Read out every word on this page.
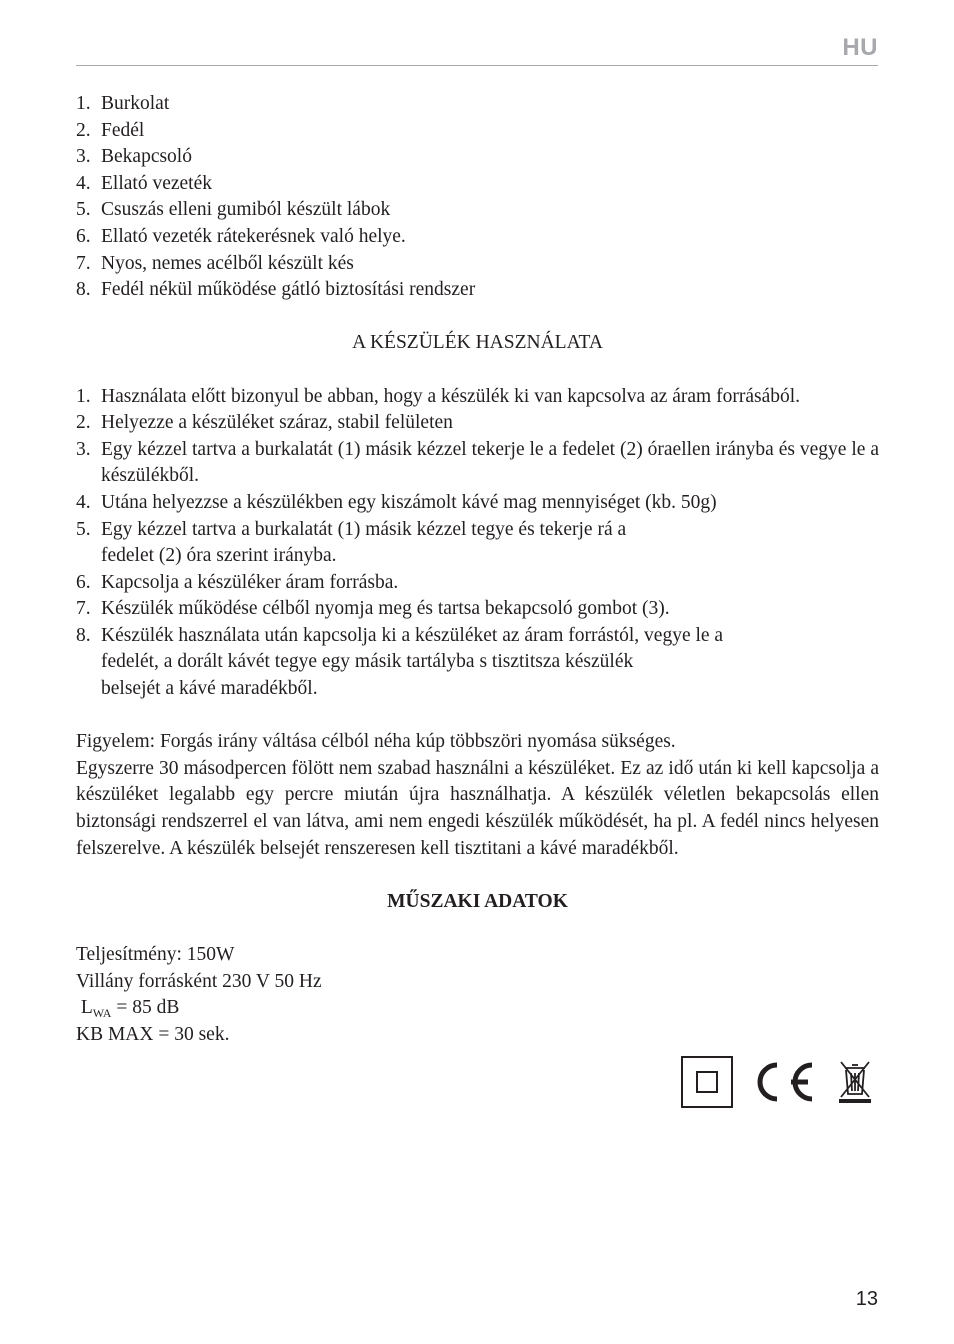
HU
1. Burkolat
2. Fedél
3. Bekapcsoló
4. Ellató vezeték
5. Csuszás elleni gumiból készült lábok
6. Ellató vezeték rátekerésnek való helye.
7. Nyos, nemes acélből készült kés
8. Fedél nékül működése gátló biztosítási rendszer
A KÉSZÜLÉK HASZNÁLATA
1. Használata előtt bizonyul be abban, hogy a készülék ki van kapcsolva az áram forrásából.
2. Helyezze a készüléket száraz, stabil felületen
3. Egy kézzel tartva a burkalatát (1) másik kézzel tekerje le a fedelet (2) óraellen irányba és vegye le a készülékből.
4. Utána helyezzse a készülékben egy kiszámolt kávé mag mennyiséget (kb. 50g)
5. Egy kézzel tartva a burkalatát (1) másik kézzel tegye és tekerje rá a
fedelet (2) óra szerint irányba.
6. Kapcsolja a készüléker áram forrásba.
7. Készülék működése célből nyomja meg és tartsa bekapcsoló gombot (3).
8. Készülék használata után kapcsolja ki a készüléket az áram forrástól, vegye le a
fedelét, a dorált kávét tegye egy másik tartályba s tisztitsza készülék
belsejét a kávé maradékből.
Figyelem: Forgás irány váltása célból néha kúp többszöri nyomása sükséges.
Egyszerre 30 másodpercen fölött nem szabad használni a készüléket. Ez az idő után ki kell kapcsolja a készüléket legalabb egy percre miután újra használhatja. A készülék véletlen bekapcsolás ellen biztonsági rendszerrel el van látva, ami nem engedi készülék működését, ha pl. A fedél nincs helyesen felszerelve. A készülék belsejét renszeresen kell tisztitani a kávé maradékből.
MŰSZAKI ADATOK
Teljesítmény: 150W
Villány forrásként 230 V 50 Hz
$L_{WA} = 85$ dB
KB MAX = 30 sek.
13
